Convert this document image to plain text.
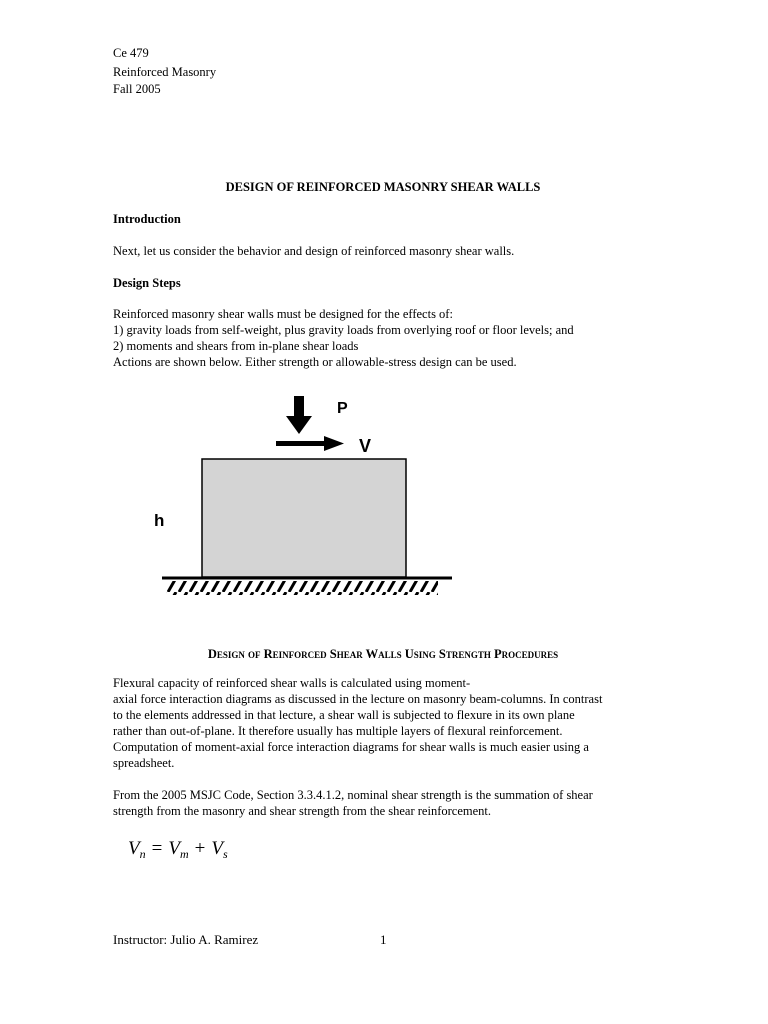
Ce 479
Reinforced Masonry
Fall 2005
DESIGN OF REINFORCED MASONRY SHEAR WALLS
Introduction
Next, let us consider the behavior and design of reinforced masonry shear walls.
Design Steps
Reinforced masonry shear walls must be designed for the effects of:
1) gravity loads from self-weight, plus gravity loads from overlying roof or floor levels; and
2) moments and shears from in-plane shear loads
Actions are shown below. Either strength or allowable-stress design can be used.
P
V
h
Design of Reinforced Shear Walls Using Strength Procedures
Flexural capacity of reinforced shear walls is calculated using moment-
axial force interaction diagrams as discussed in the lecture on masonry beam-columns. In contrast
to the elements addressed in that lecture, a shear wall is subjected to flexure in its own plane
rather than out-of-plane. It therefore usually has multiple layers of flexural reinforcement.
Computation of moment-axial force interaction diagrams for shear walls is much easier using a
spreadsheet.
From the 2005 MSJC Code, Section 3.3.4.1.2, nominal shear strength is the summation of shear
strength from the masonry and shear strength from the shear reinforcement.
$V_n = V_m + V_s$
Instructor: Julio A. Ramirez	1
